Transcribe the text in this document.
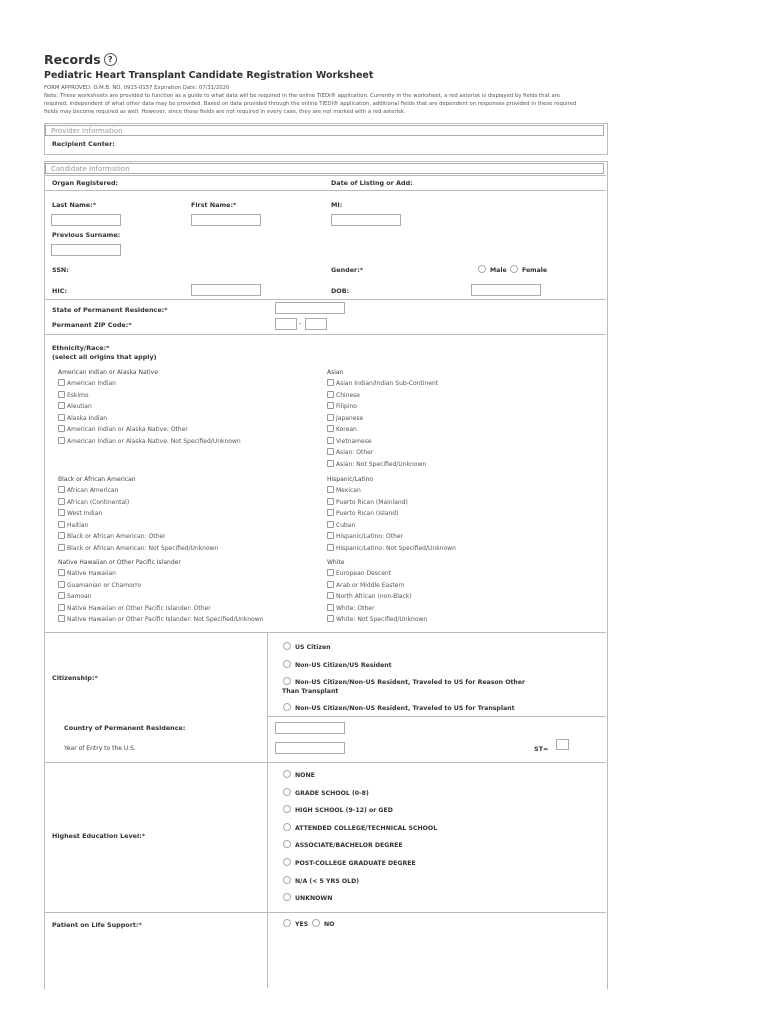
Records ?
Pediatric Heart Transplant Candidate Registration Worksheet
FORM APPROVED: O.M.B. NO. 0915-0157 Expiration Date: 07/31/2020
Note: These worksheets are provided to function as a guide to what data will be required in the online TIEDI® application. Currently in the worksheet, a red asterisk is displayed by fields that are
required, independent of what other data may be provided. Based on data provided through the online TIEDI® application, additional fields that are dependent on responses provided in these required
fields may become required as well. However, since those fields are not required in every case, they are not marked with a red asterisk.
Provider Information
Recipient Center:
Candidate Information
Organ Registered:	Date of Listing or Add:
Last Name:*	First Name:*	MI:
Previous Surname:
SSN:	Gender:*	Male	Female
HIC:	DOB:
State of Permanent Residence:*
Permanent ZIP Code:*	-
Ethnicity/Race:*
(select all origins that apply)
American Indian or Alaska Native
American Indian
Eskimo
Aleutian
Alaska Indian
American Indian or Alaska Native: Other
American Indian or Alaska Native: Not Specified/Unknown
Asian
Asian Indian/Indian Sub-Continent
Chinese
Filipino
Japanese
Korean
Vietnamese
Asian: Other
Asian: Not Specified/Unknown
Black or African American
African American
African (Continental)
West Indian
Haitian
Black or African American: Other
Black or African American: Not Specified/Unknown
Hispanic/Latino
Mexican
Puerto Rican (Mainland)
Puerto Rican (Island)
Cuban
Hispanic/Latino: Other
Hispanic/Latino: Not Specified/Unknown
Native Hawaiian or Other Pacific Islander
Native Hawaiian
Guamanian or Chamorro
Samoan
Native Hawaiian or Other Pacific Islander: Other
Native Hawaiian or Other Pacific Islander: Not Specified/Unknown
White
European Descent
Arab or Middle Eastern
North African (non-Black)
White: Other
White: Not Specified/Unknown
Citizenship:*
US Citizen
Non-US Citizen/US Resident
Non-US Citizen/Non-US Resident, Traveled to US for Reason Other
Than Transplant
Non-US Citizen/Non-US Resident, Traveled to US for Transplant
Country of Permanent Residence:
Year of Entry to the U.S.	ST=
Highest Education Level:*
NONE
GRADE SCHOOL (0-8)
HIGH SCHOOL (9-12) or GED
ATTENDED COLLEGE/TECHNICAL SCHOOL
ASSOCIATE/BACHELOR DEGREE
POST-COLLEGE GRADUATE DEGREE
N/A (< 5 YRS OLD)
UNKNOWN
Patient on Life Support:*	YES	NO
